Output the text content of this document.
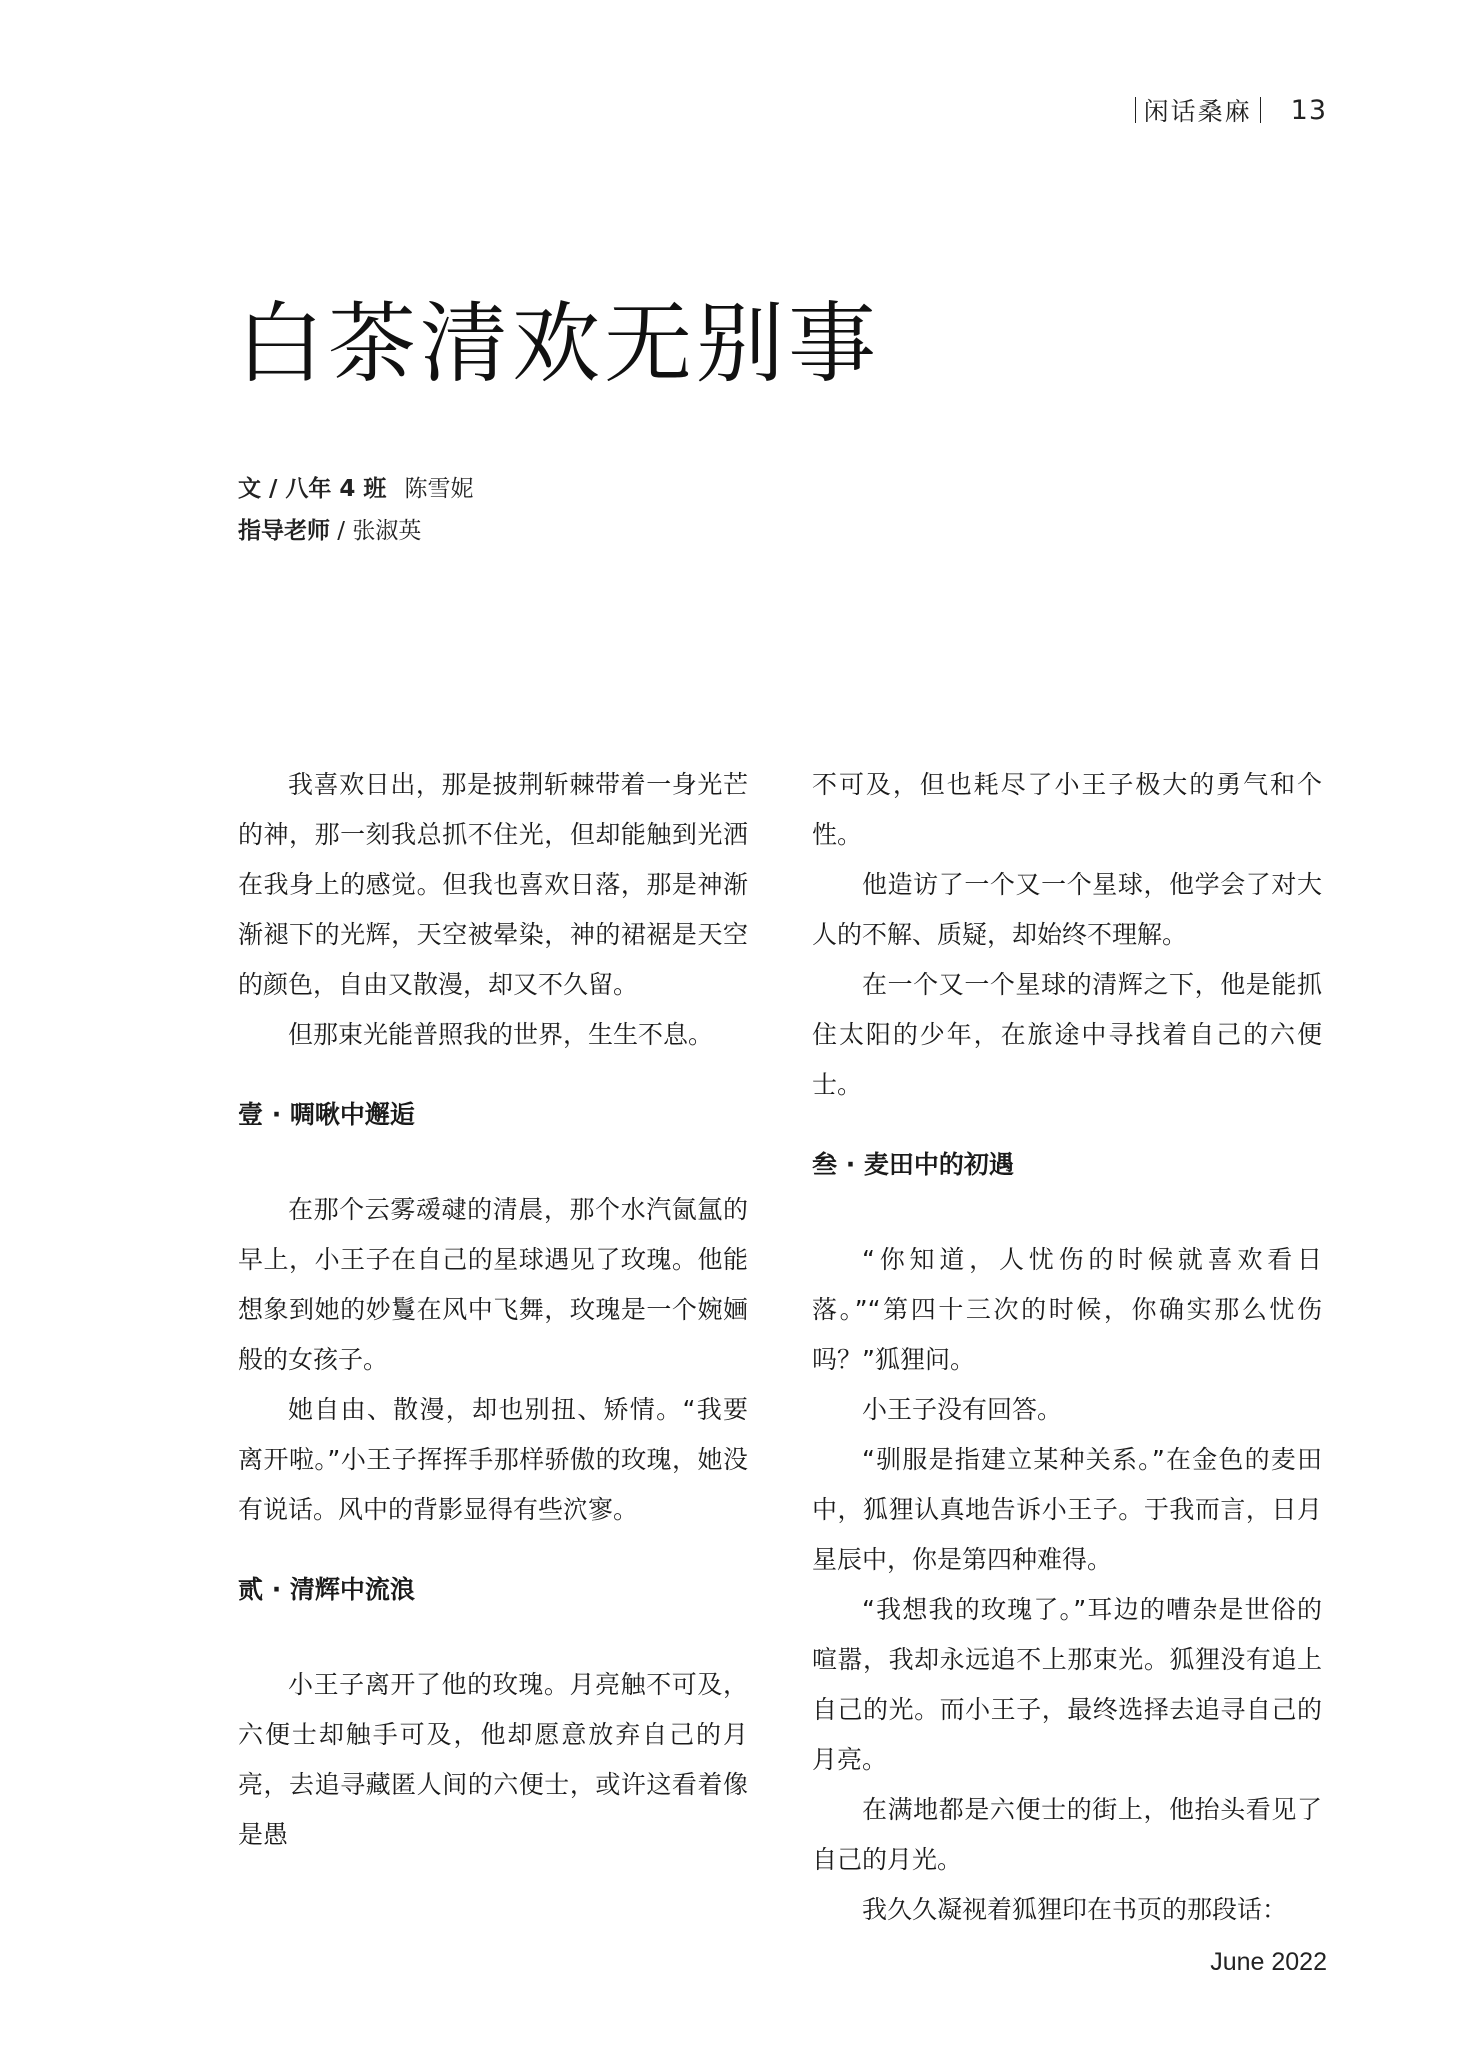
闲话桑麻 13
白茶清欢无别事
文 / 八年 4 班 陈雪妮
指导老师 / 张淑英

我喜欢日出，那是披荆斩棘带着一身光芒的神，那一刻我总抓不住光，但却能触到光洒在我身上的感觉。但我也喜欢日落，那是神渐渐褪下的光辉，天空被晕染，神的裙裾是天空的颜色，自由又散漫，却又不久留。

但那束光能普照我的世界，生生不息。

壹 · 啁啾中邂逅

在那个云雾叆叇的清晨，那个水汽氤氲的早上，小王子在自己的星球遇见了玫瑰。他能想象到她的妙鬘在风中飞舞，玫瑰是一个婉婳般的女孩子。

她自由、散漫，却也别扭、矫情。“我要离开啦。”小王子挥挥手那样骄傲的玫瑰，她没有说话。风中的背影显得有些泬寥。

贰 · 清辉中流浪

小王子离开了他的玫瑰。月亮触不可及，六便士却触手可及，他却愿意放弃自己的月亮，去追寻藏匿人间的六便士，或许这看着像是愚

不可及，但也耗尽了小王子极大的勇气和个性。

他造访了一个又一个星球，他学会了对大人的不解、质疑，却始终不理解。

在一个又一个星球的清辉之下，他是能抓住太阳的少年，在旅途中寻找着自己的六便士。

叁 · 麦田中的初遇

“你知道，人忧伤的时候就喜欢看日落。”“第四十三次的时候，你确实那么忧伤吗？”狐狸问。

小王子没有回答。

“驯服是指建立某种关系。”在金色的麦田中，狐狸认真地告诉小王子。于我而言，日月星辰中，你是第四种难得。

“我想我的玫瑰了。”耳边的嘈杂是世俗的喧嚣，我却永远追不上那束光。狐狸没有追上自己的光。而小王子，最终选择去追寻自己的月亮。

在满地都是六便士的街上，他抬头看见了自己的月光。

我久久凝视着狐狸印在书页的那段话：

June 2022
